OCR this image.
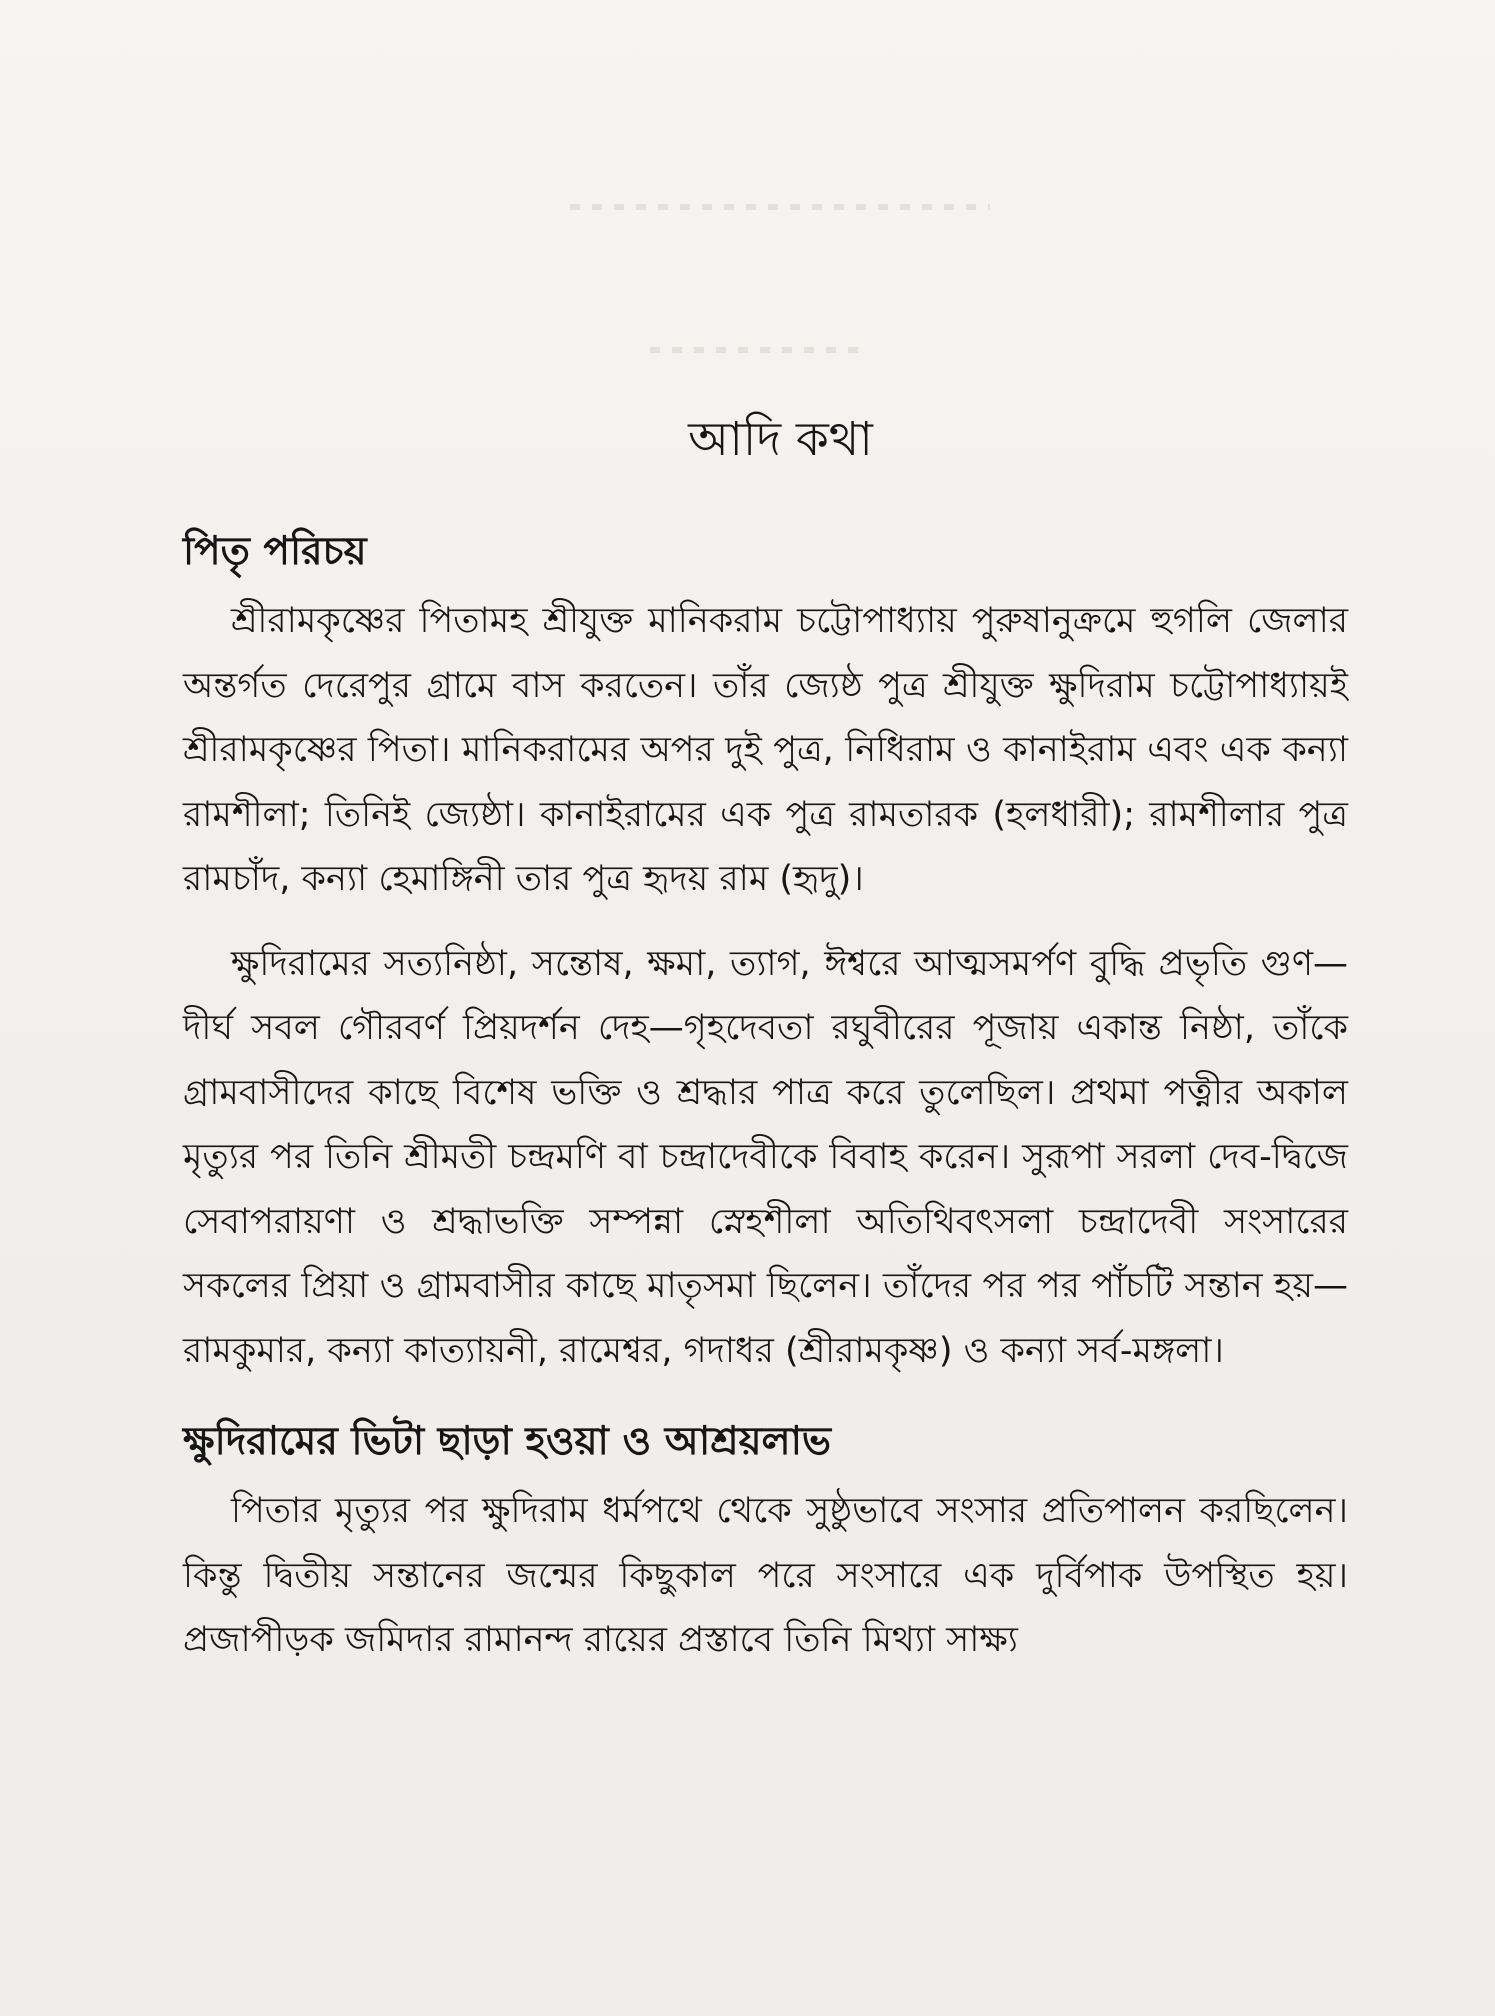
আদি কথা
পিতৃ পরিচয়

শ্রীরামকৃষ্ণের পিতামহ শ্রীযুক্ত মানিকরাম চট্টোপাধ্যায় পুরুষানুক্রমে হুগলি জেলার অন্তর্গত দেরেপুর গ্রামে বাস করতেন। তাঁর জ্যেষ্ঠ পুত্র শ্রীযুক্ত ক্ষুদিরাম চট্টোপাধ্যায়ই শ্রীরামকৃষ্ণের পিতা। মানিকরামের অপর দুই পুত্র, নিধিরাম ও কানাইরাম এবং এক কন্যা রামশীলা; তিনিই জ্যেষ্ঠা। কানাইরামের এক পুত্র রামতারক (হলধারী); রামশীলার পুত্র রামচাঁদ, কন্যা হেমাঙ্গিনী তার পুত্র হৃদয় রাম (হৃদু)।

ক্ষুদিরামের সত্যনিষ্ঠা, সন্তোষ, ক্ষমা, ত্যাগ, ঈশ্বরে আত্মসমর্পণ বুদ্ধি প্রভৃতি গুণ—দীর্ঘ সবল গৌরবর্ণ প্রিয়দর্শন দেহ—গৃহদেবতা রঘুবীরের পূজায় একান্ত নিষ্ঠা, তাঁকে গ্রামবাসীদের কাছে বিশেষ ভক্তি ও শ্রদ্ধার পাত্র করে তুলেছিল। প্রথমা পত্নীর অকাল মৃত্যুর পর তিনি শ্রীমতী চন্দ্রমণি বা চন্দ্রাদেবীকে বিবাহ করেন। সুরূপা সরলা দেব-দ্বিজে সেবাপরায়ণা ও শ্রদ্ধাভক্তি সম্পন্না স্নেহশীলা অতিথিবৎসলা চন্দ্রাদেবী সংসারের সকলের প্রিয়া ও গ্রামবাসীর কাছে মাতৃসমা ছিলেন। তাঁদের পর পর পাঁচটি সন্তান হয়—রামকুমার, কন্যা কাত্যায়নী, রামেশ্বর, গদাধর (শ্রীরামকৃষ্ণ) ও কন্যা সর্ব-মঙ্গলা।

ক্ষুদিরামের ভিটা ছাড়া হওয়া ও আশ্রয়লাভ

পিতার মৃত্যুর পর ক্ষুদিরাম ধর্মপথে থেকে সুষ্ঠুভাবে সংসার প্রতিপালন করছিলেন। কিন্তু দ্বিতীয় সন্তানের জন্মের কিছুকাল পরে সংসারে এক দুর্বিপাক উপস্থিত হয়। প্রজাপীড়ক জমিদার রামানন্দ রায়ের প্রস্তাবে তিনি মিথ্যা সাক্ষ্য
